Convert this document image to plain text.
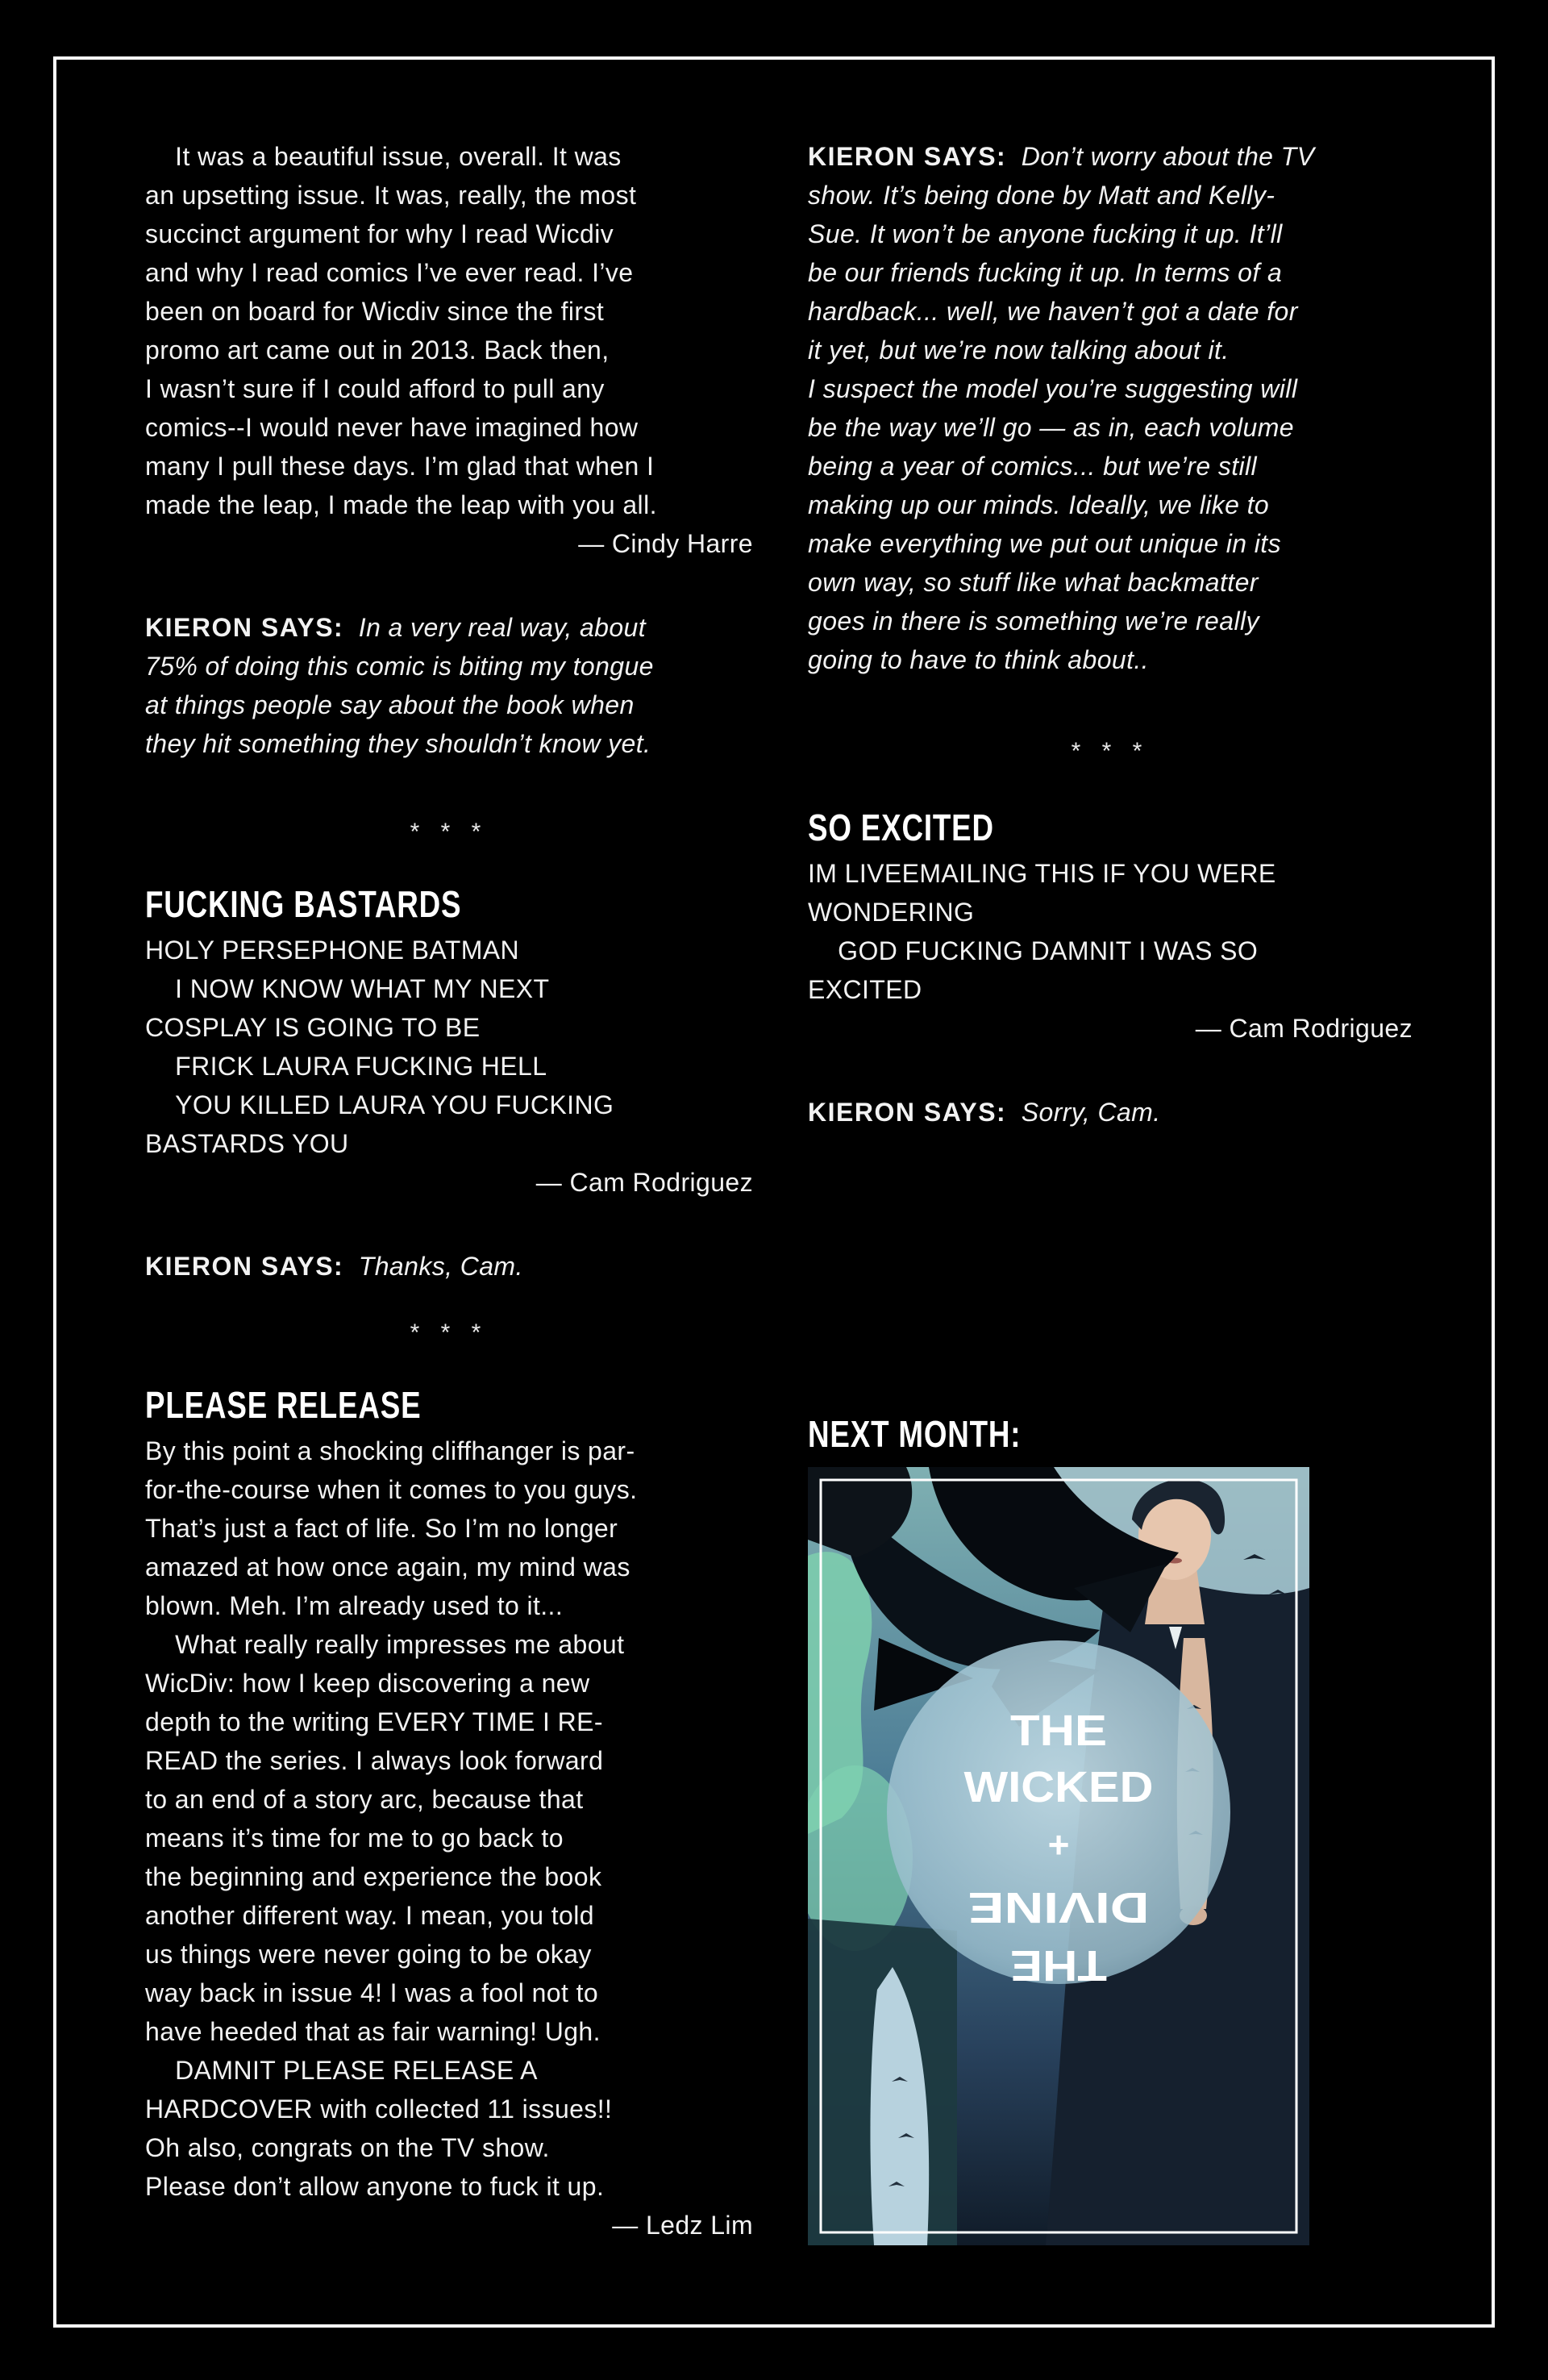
It was a beautiful issue, overall. It was
an upsetting issue. It was, really, the most
succinct argument for why I read Wicdiv
and why I read comics I’ve ever read. I’ve
been on board for Wicdiv since the first
promo art came out in 2013. Back then,
I wasn’t sure if I could afford to pull any
comics--I would never have imagined how
many I pull these days. I’m glad that when I
made the leap, I made the leap with you all.

— Cindy Harre

KIERON SAYS:  In a very real way, about
75% of doing this comic is biting my tongue
at things people say about the book when
they hit something they shouldn’t know yet.

* * *

FUCKING BASTARDS

HOLY PERSEPHONE BATMAN
I NOW KNOW WHAT MY NEXT
COSPLAY IS GOING TO BE
FRICK LAURA FUCKING HELL
YOU KILLED LAURA YOU FUCKING
BASTARDS YOU

— Cam Rodriguez

KIERON SAYS:  Thanks, Cam.

* * *

PLEASE RELEASE

By this point a shocking cliffhanger is par-
for-the-course when it comes to you guys.
That’s just a fact of life. So I’m no longer
amazed at how once again, my mind was
blown. Meh. I’m already used to it...
What really really impresses me about
WicDiv: how I keep discovering a new
depth to the writing EVERY TIME I RE-
READ the series. I always look forward
to an end of a story arc, because that
means it’s time for me to go back to
the beginning and experience the book
another different way. I mean, you told
us things were never going to be okay
way back in issue 4! I was a fool not to
have heeded that as fair warning! Ugh.
DAMNIT PLEASE RELEASE A
HARDCOVER with collected 11 issues!!
Oh also, congrats on the TV show.
Please don’t allow anyone to fuck it up.

— Ledz Lim

KIERON SAYS:  Don’t worry about the TV
show. It’s being done by Matt and Kelly-
Sue. It won’t be anyone fucking it up. It’ll
be our friends fucking it up. In terms of a
hardback... well, we haven’t got a date for
it yet, but we’re now talking about it.
I suspect the model you’re suggesting will
be the way we’ll go — as in, each volume
being a year of comics... but we’re still
making up our minds. Ideally, we like to
make everything we put out unique in its
own way, so stuff like what backmatter
goes in there is something we’re really
going to have to think about..

* * *

SO EXCITED

IM LIVEEMAILING THIS IF YOU WERE
WONDERING
GOD FUCKING DAMNIT I WAS SO
EXCITED

— Cam Rodriguez

KIERON SAYS:  Sorry, Cam.

NEXT MONTH:
THE
WICKED
+
THE
DIVINE
